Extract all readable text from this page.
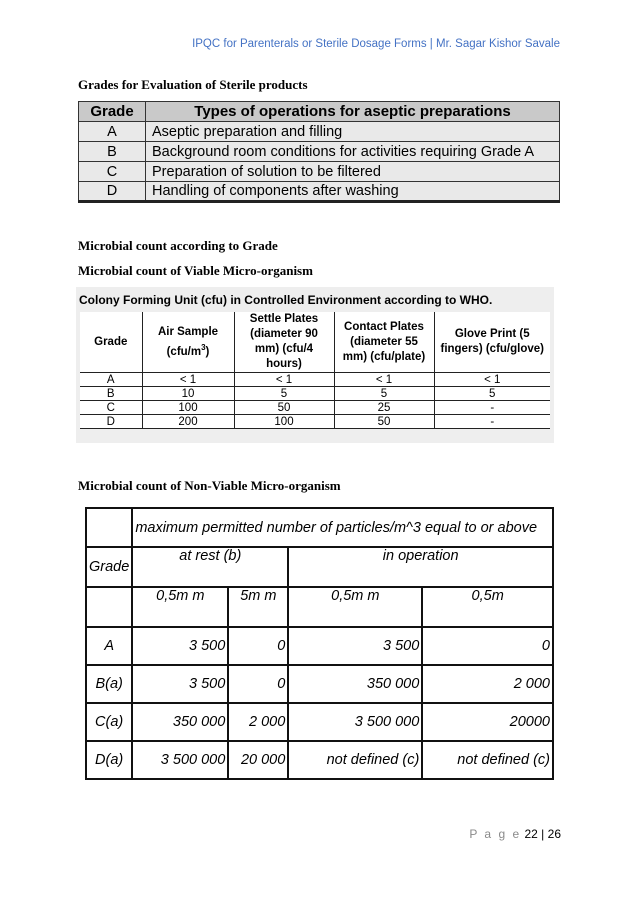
IPQC for Parenterals or Sterile Dosage Forms | Mr. Sagar Kishor Savale
Grades for Evaluation of Sterile products
Grade	Types of operations for aseptic preparations
A	Aseptic preparation and filling
B	Background room conditions for activities requiring Grade A
C	Preparation of solution to be filtered
D	Handling of components after washing
Microbial count according to Grade
Microbial count of Viable Micro-organism
Colony Forming Unit (cfu) in Controlled Environment according to WHO.
Grade	Air Sample $(cfu/m^3)$	Settle Plates (diameter 90 mm) (cfu/4 hours)	Contact Plates (diameter 55 mm) (cfu/plate)	Glove Print (5 fingers) (cfu/glove)
A	< 1	< 1	< 1	< 1
B	10	5	5	5
C	100	50	25	-
D	200	100	50	-
Microbial count of Non-Viable Micro-organism
	maximum permitted number of particles/m^3 equal to or above			
Grade	at rest (b)		in operation	
	0,5m m	5m m	0,5m m	0,5m
A	3 500	0	3 500	0
B(a)	3 500	0	350 000	2 000
C(a)	350 000	2 000	3 500 000	20000
D(a)	3 500 000	20 000	not defined (c)	not defined (c)
P a g e 22 | 26
